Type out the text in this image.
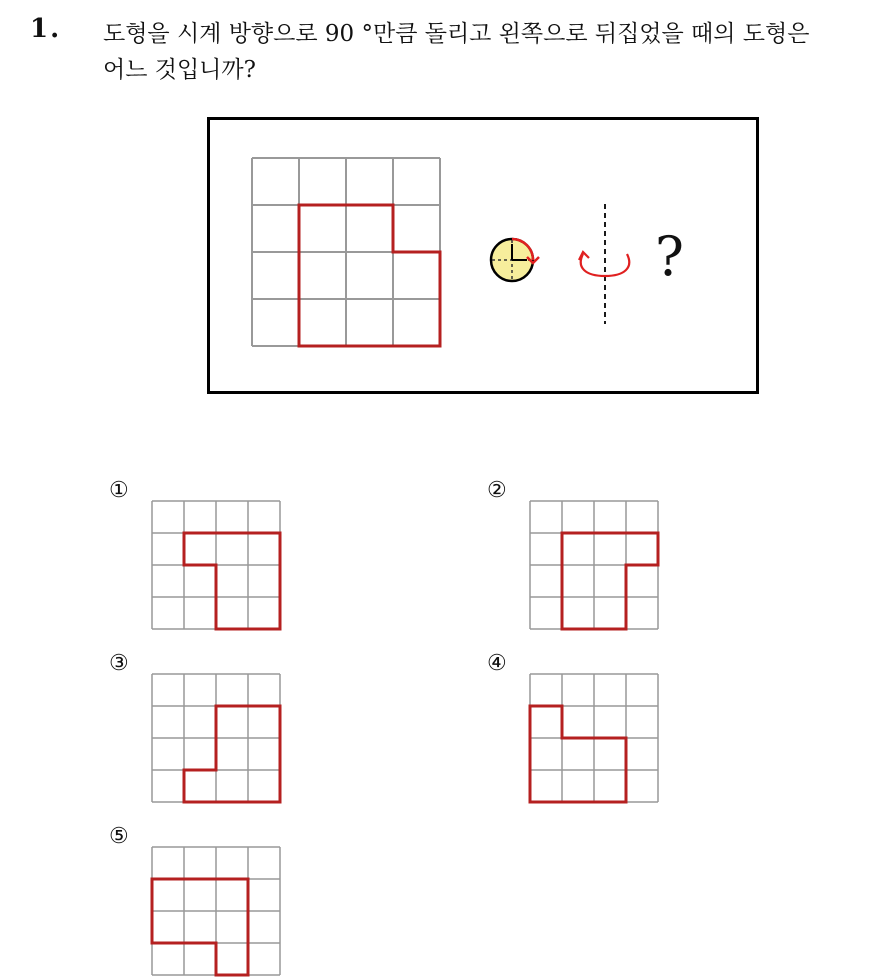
1. 도형을 시계 방향으로 90 °만큼 돌리고 왼쪽으로 뒤집었을 때의 도형은
어느 것입니까?
?
①	②
③	④
⑤
